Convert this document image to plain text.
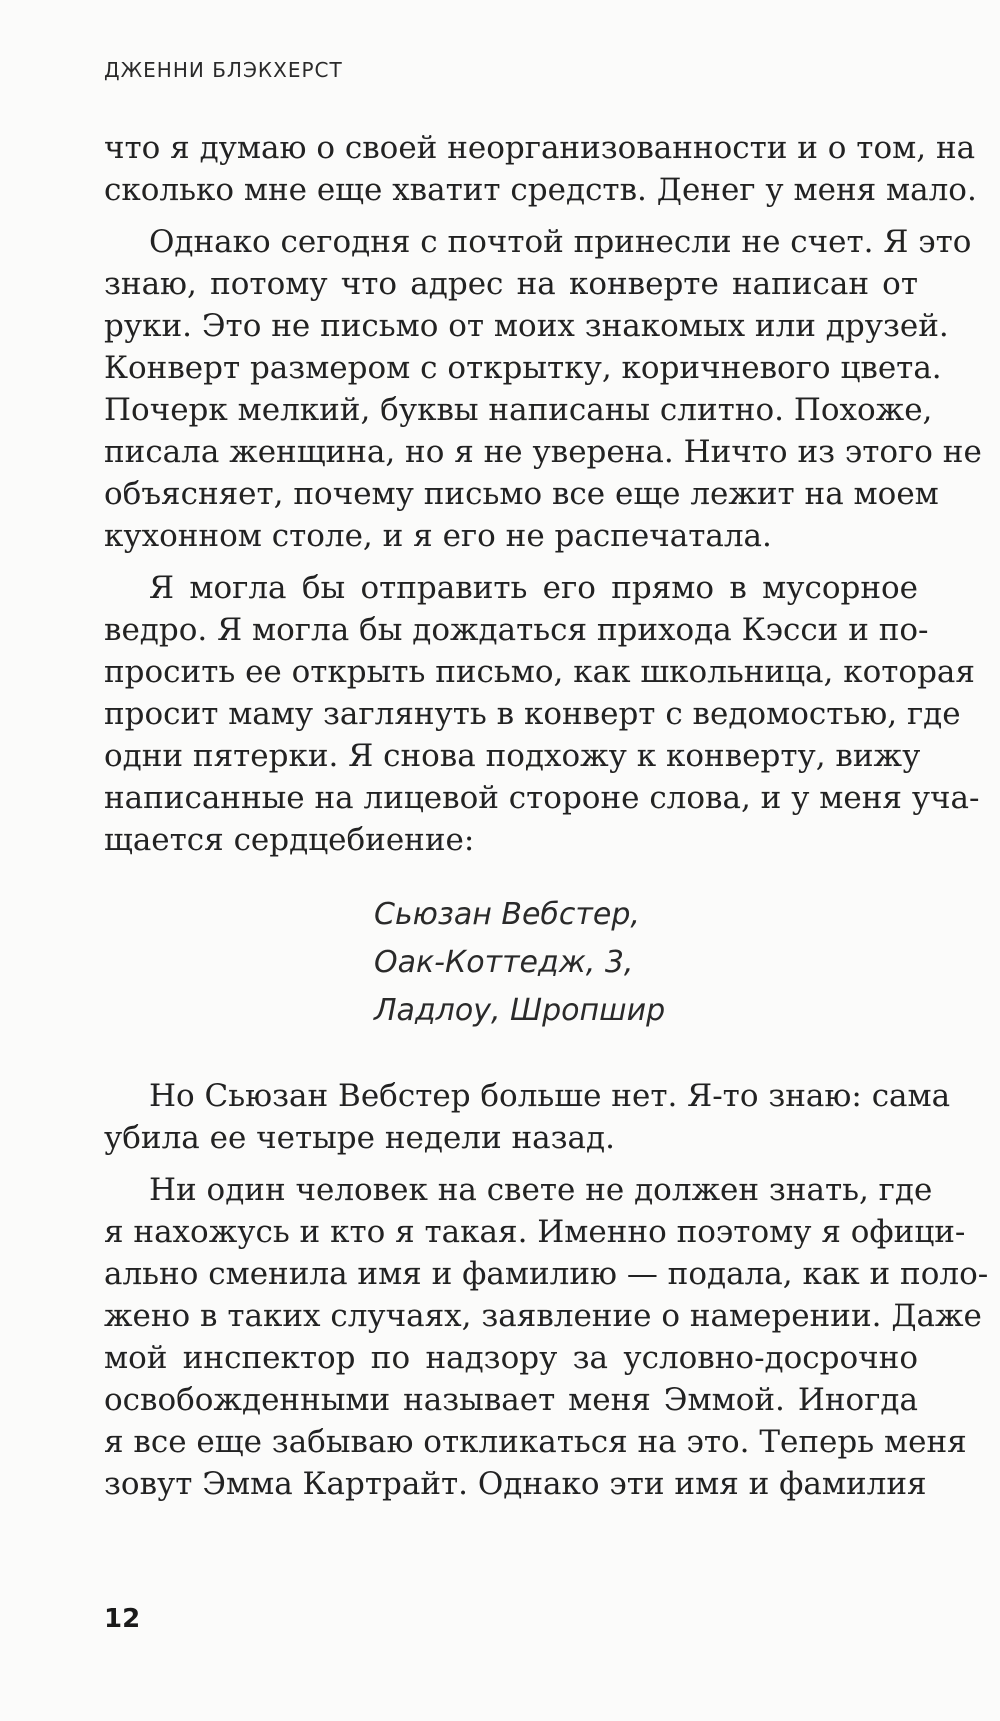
ДЖЕННИ БЛЭКХЕРСТ
что я думаю о своей неорганизованности и о том, на
сколько мне еще хватит средств. Денег у меня мало.
Однако сегодня с почтой принесли не счет. Я это
знаю, потому что адрес на конверте написан от
руки. Это не письмо от моих знакомых или друзей.
Конверт размером с открытку, коричневого цвета.
Почерк мелкий, буквы написаны слитно. Похоже,
писала женщина, но я не уверена. Ничто из этого не
объясняет, почему письмо все еще лежит на моем
кухонном столе, и я его не распечатала.
Я могла бы отправить его прямо в мусорное
ведро. Я могла бы дождаться прихода Кэсси и по-
просить ее открыть письмо, как школьница, которая
просит маму заглянуть в конверт с ведомостью, где
одни пятерки. Я снова подхожу к конверту, вижу
написанные на лицевой стороне слова, и у меня уча-
щается сердцебиение:
Сьюзан Вебстер,
Оак-Коттедж, 3,
Ладлоу, Шропшир
Но Сьюзан Вебстер больше нет. Я-то знаю: сама
убила ее четыре недели назад.
Ни один человек на свете не должен знать, где
я нахожусь и кто я такая. Именно поэтому я офици-
ально сменила имя и фамилию — подала, как и поло-
жено в таких случаях, заявление о намерении. Даже
мой инспектор по надзору за условно-досрочно
освобожденными называет меня Эммой. Иногда
я все еще забываю откликаться на это. Теперь меня
зовут Эмма Картрайт. Однако эти имя и фамилия
12
